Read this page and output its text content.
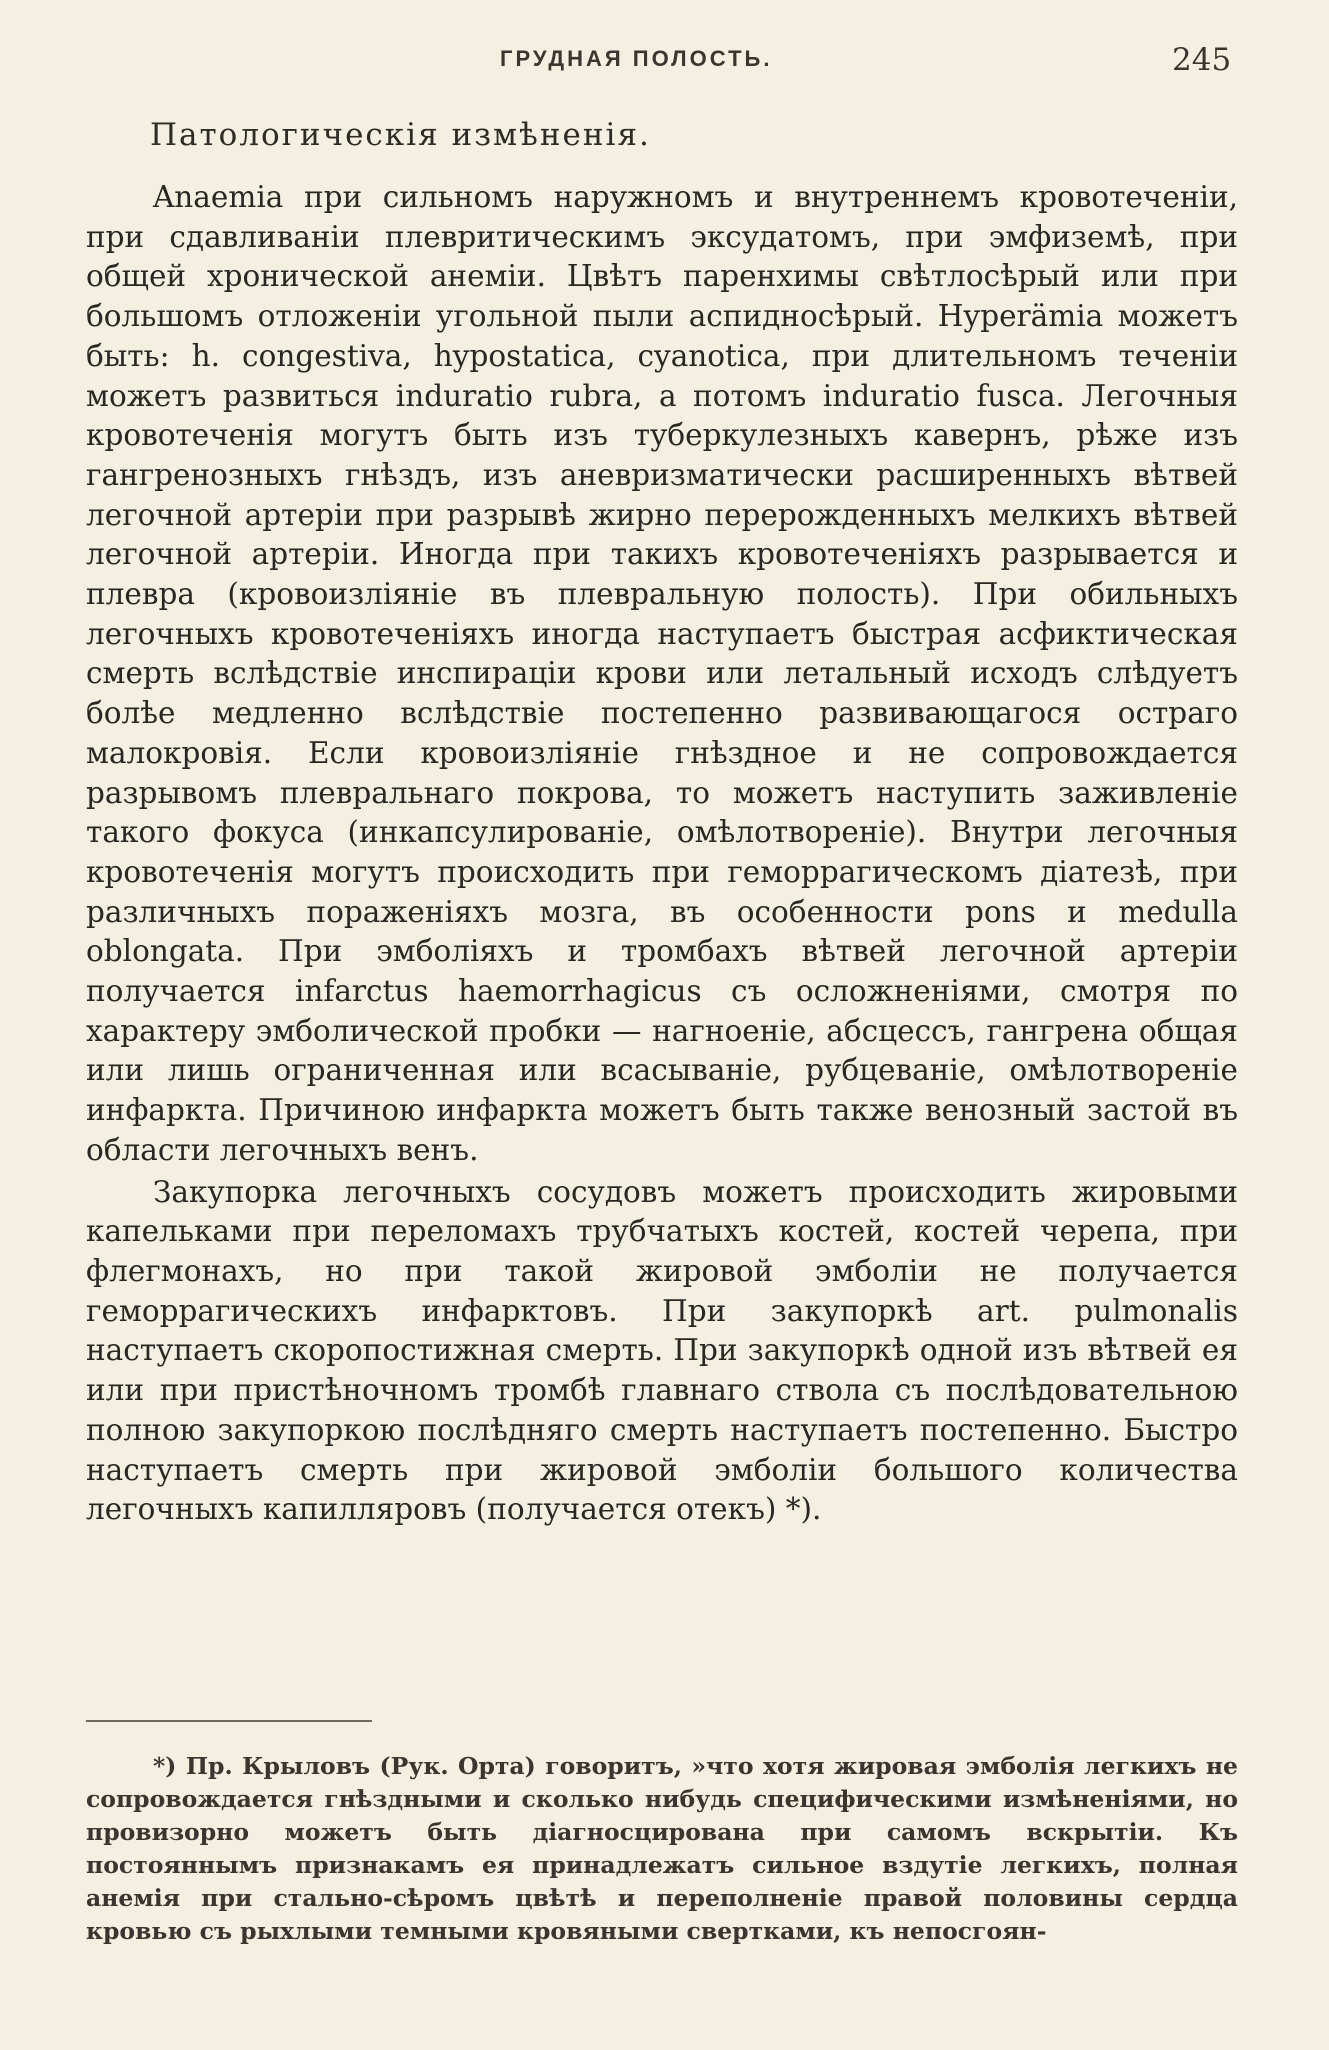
ГРУДНАЯ ПОЛОСТЬ.	245
Патологическія измѣненія.

Anaemia при сильномъ наружномъ и внутреннемъ кровотеченіи, при сдавливаніи плевритическимъ эксудатомъ, при эмфиземѣ, при общей хронической анеміи. Цвѣтъ паренхимы свѣтлосѣрый или при большомъ отложеніи угольной пыли аспидносѣрый. Hyperämia можетъ быть: h. congestiva, hypostatica, cyanotica, при длительномъ теченіи можетъ развиться induratio rubra, а потомъ induratio fusca. Легочныя кровотеченія могутъ быть изъ туберкулезныхъ кавернъ, рѣже изъ гангренозныхъ гнѣздъ, изъ аневризматически расширенныхъ вѣтвей легочной артеріи при разрывѣ жирно перерожденныхъ мелкихъ вѣтвей легочной артеріи. Иногда при такихъ кровотеченіяхъ разрывается и плевра (кровоизліяніе въ плевральную полость). При обильныхъ легочныхъ кровотеченіяхъ иногда наступаетъ быстрая асфиктическая смерть вслѣдствіе инспираціи крови или летальный исходъ слѣдуетъ болѣе медленно вслѣдствіе постепенно развивающагося остраго малокровія. Если кровоизліяніе гнѣздное и не сопровождается разрывомъ плевральнаго покрова, то можетъ наступить заживленіе такого фокуса (инкапсулированіе, омѣлотвореніе). Внутри легочныя кровотеченія могутъ происходить при геморрагическомъ діатезѣ, при различныхъ пораженіяхъ мозга, въ особенности pons и medulla oblongata. При эмболіяхъ и тромбахъ вѣтвей легочной артеріи получается infarctus haemorrhagicus съ осложненіями, смотря по характеру эмболической пробки — нагноеніе, абсцессъ, гангрена общая или лишь ограниченная или всасываніе, рубцеваніе, омѣлотвореніе инфаркта. Причиною инфаркта можетъ быть также венозный застой въ области легочныхъ венъ.

Закупорка легочныхъ сосудовъ можетъ происходить жировыми капельками при переломахъ трубчатыхъ костей, костей черепа, при флегмонахъ, но при такой жировой эмболіи не получается геморрагическихъ инфарктовъ. При закупоркѣ art. pulmonalis наступаетъ скоропостижная смерть. При закупоркѣ одной изъ вѣтвей ея или при пристѣночномъ тромбѣ главнаго ствола съ послѣдовательною полною закупоркою послѣдняго смерть наступаетъ постепенно. Быстро наступаетъ смерть при жировой эмболіи большого количества легочныхъ капилляровъ (получается отекъ) *).

*) Пр. Крыловъ (Рук. Орта) говоритъ, »что хотя жировая эмболія легкихъ не сопровождается гнѣздными и сколько нибудь специфическими измѣненіями, но провизорно можетъ быть діагносцирована при самомъ вскрытіи. Къ постояннымъ признакамъ ея принадлежатъ сильное вздутіе легкихъ, полная анемія при стально-сѣромъ цвѣтѣ и переполненіе правой половины сердца кровью съ рыхлыми темными кровяными свертками, къ непосгоян-
